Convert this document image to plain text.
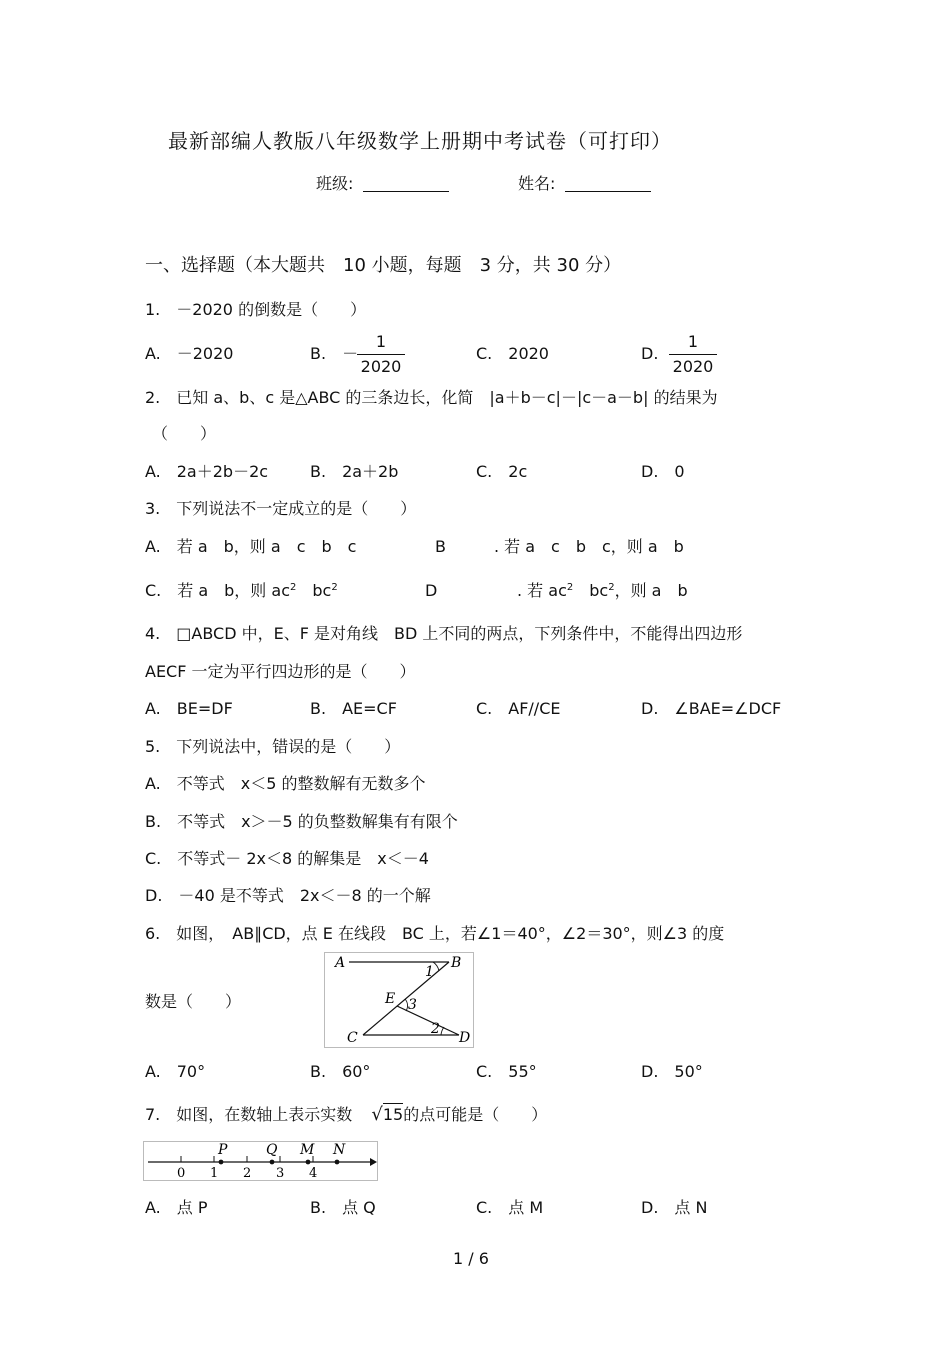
最新部编人教版八年级数学上册期中考试卷（可打印）
班级:	姓名:
一、选择题（本大题共　10 小题，每题　3 分，共 30 分）
1.　－2020 的倒数是（　　）
A.　－2020	B.　－
1
2020
C.　2020	D.
1
2020
2.　已知 a、b、c 是△ABC 的三条边长，化简　|a＋b－c|－|c－a－b| 的结果为
（　　）
A.　2a＋2b－2c	B.　2a＋2b	C.　2c	D.　0
3.　下列说法不一定成立的是（　　）
A.　若 a　b，则 a　c　b　c	B　　　. 若 a　c　b　c，则 a　b
C.　若 a　b，则 $ac^2$　$bc^2$	D	. 若 $ac^2$　$bc^2$，则 a　b
4.　□ABCD 中，E、F 是对角线　BD 上不同的两点，下列条件中，不能得出四边形
AECF 一定为平行四边形的是（　　）
A.　BE=DF	B.　AE=CF	C.　AF//CE	D.　∠BAE=∠DCF
5.　下列说法中，错误的是（　　）
A.　不等式　x＜5 的整数解有无数多个
B.　不等式　x＞－5 的负整数解集有有限个
C.　不等式－ 2x＜8 的解集是　x＜－4
D.　－40 是不等式　2x＜－8 的一个解
6.　如图，　AB∥CD，点 E 在线段　BC 上，若∠1＝40°，∠2＝30°，则∠3 的度
数是（　　）
A	B
C	D
E
1
2
3
A.　70°	B.　60°	C.　55°	D.　50°
7.　如图，在数轴上表示实数 √15的点可能是（　　）
0 1 2 3 4
P	Q M N
A.　点 P	B.　点 Q	C.　点 M	D.　点 N
1 / 6
